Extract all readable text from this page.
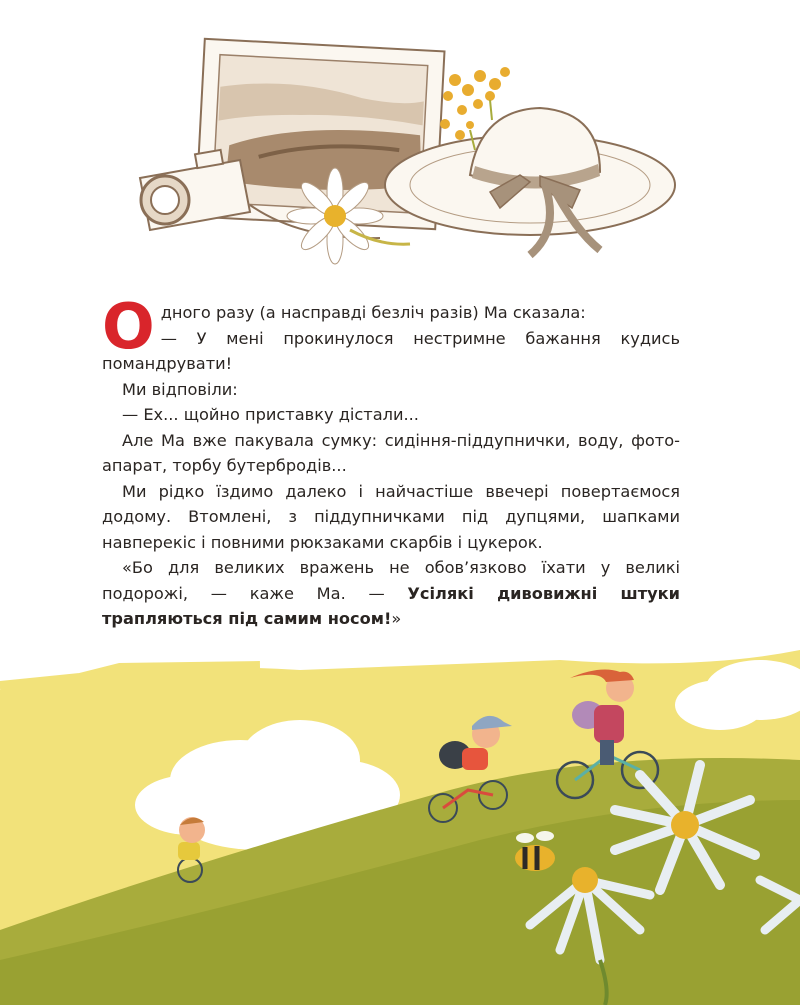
Одного разу (а насправді безліч разів) Ма сказала:

— У мені прокинулося нестримне бажання кудись помандрувати!

Ми відповіли:

— Ех... щойно приставку дістали...

Але Ма вже пакувала сумку: сидіння-піддупнички, воду, фото-апарат, торбу бутербродів...

Ми рідко їздимо далеко і найчастіше ввечері повертаємося додому. Втомлені, з піддупничками під дупцями, шапками навперекіс і повними рюкзаками скарбів і цукерок.

«Бо для великих вражень не обов’язково їхати у великі подорожі, — каже Ма. — Усілякі дивовижні штуки трапляються під самим носом!»
